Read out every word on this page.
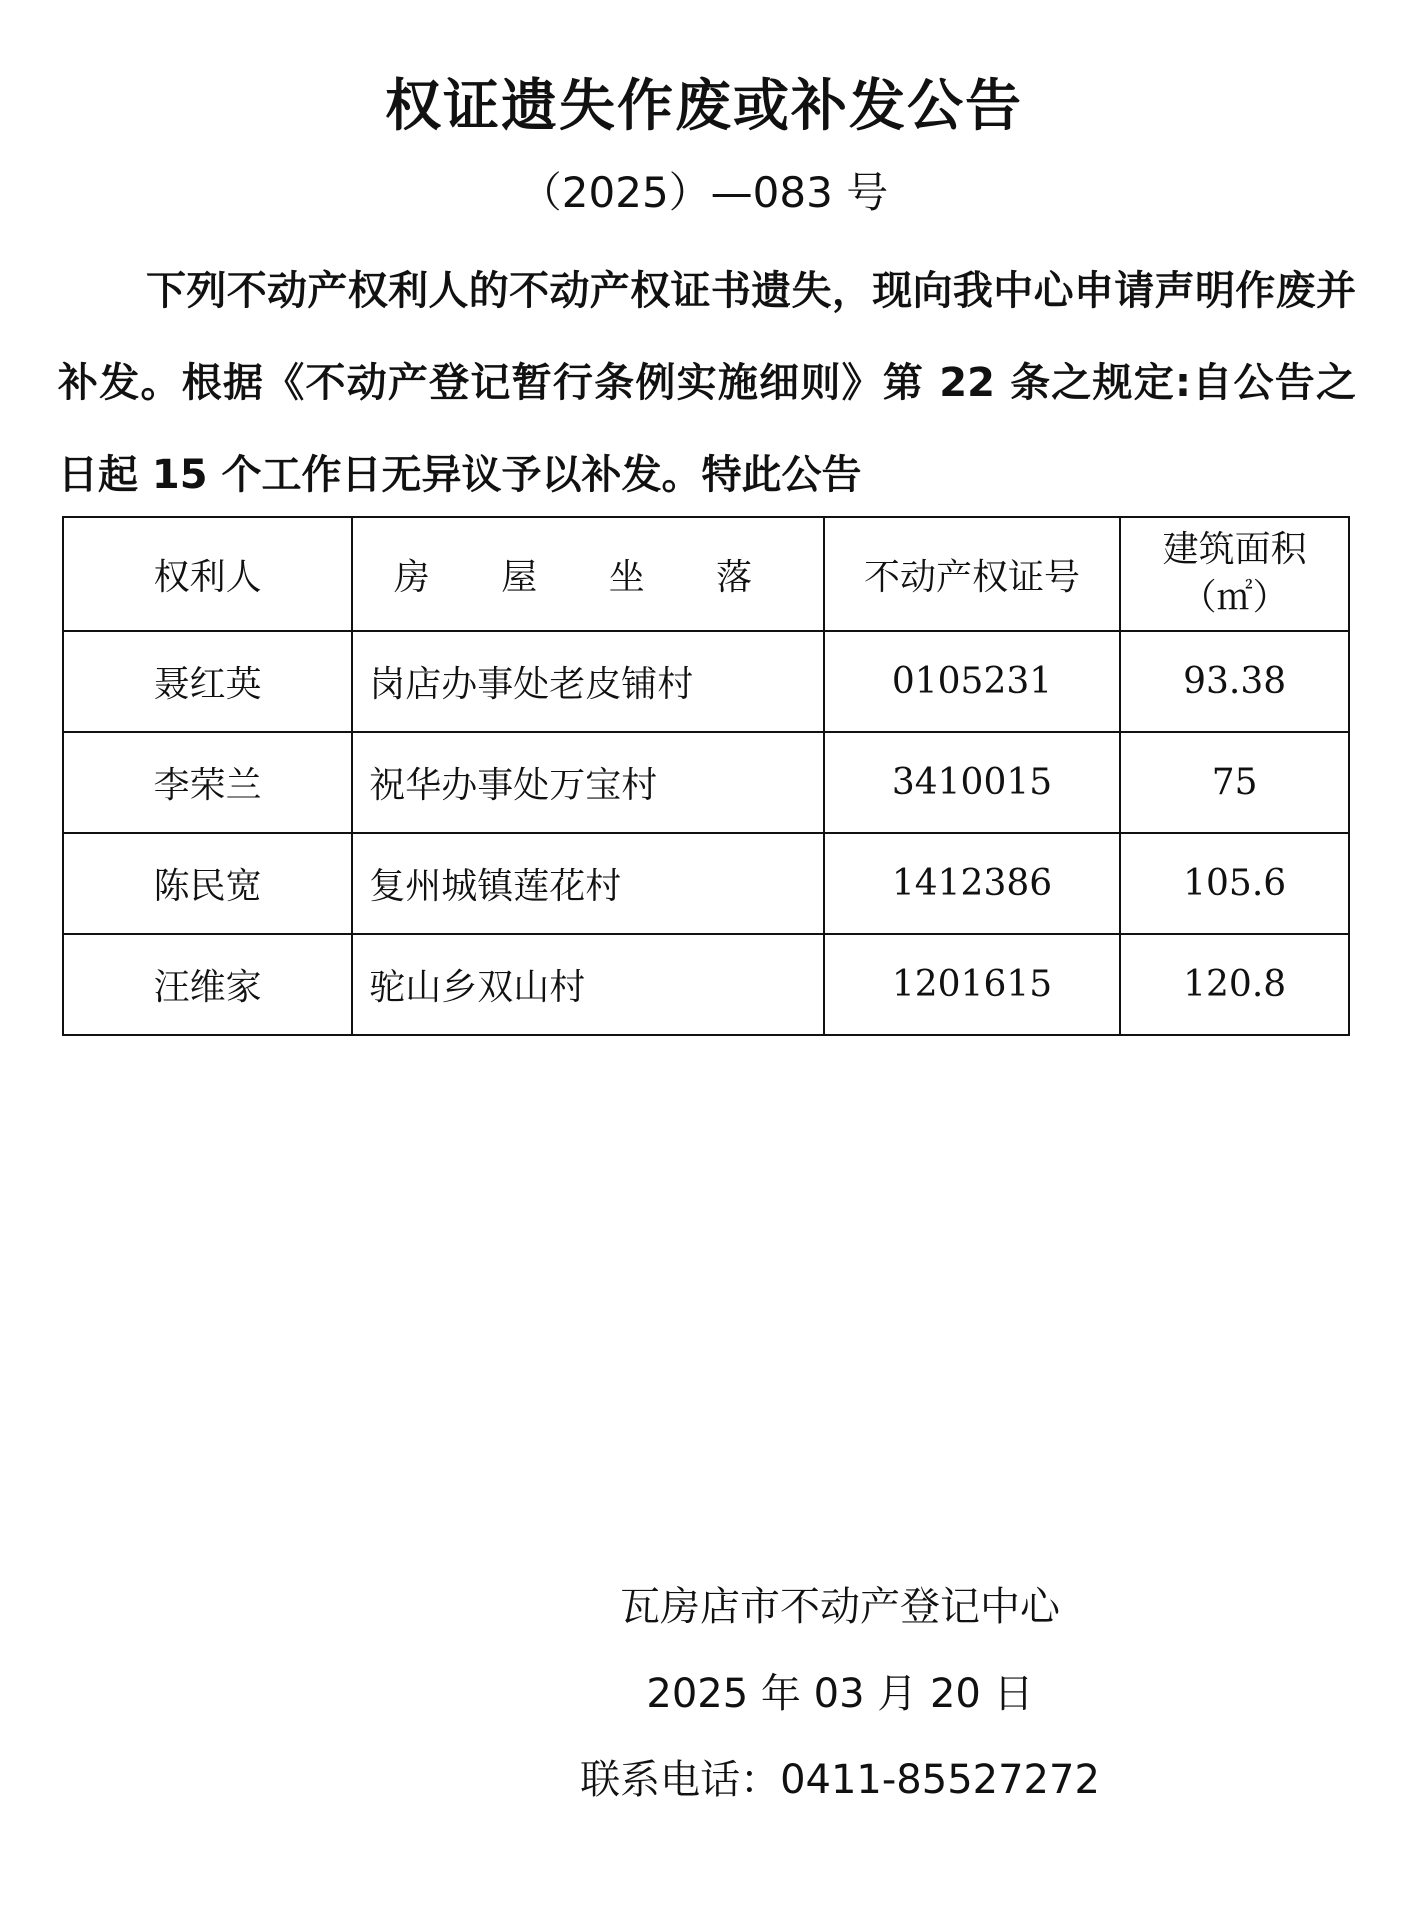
权证遗失作废或补发公告

（2025）—083 号

下列不动产权利人的不动产权证书遗失，现向我中心申请声明作废并补发。根据《不动产登记暂行条例实施细则》第 22 条之规定:自公告之日起 15 个工作日无异议予以补发。特此公告

权利人	房 屋 坐 落	不动产权证号	建筑面积
（㎡）

聂红英	岗店办事处老皮铺村	0105231	93.38
李荣兰	祝华办事处万宝村	3410015	75
陈民宽	复州城镇莲花村	1412386	105.6
汪维家	驼山乡双山村	1201615	120.8

瓦房店市不动产登记中心

2025 年 03 月 20 日

联系电话：0411-85527272
